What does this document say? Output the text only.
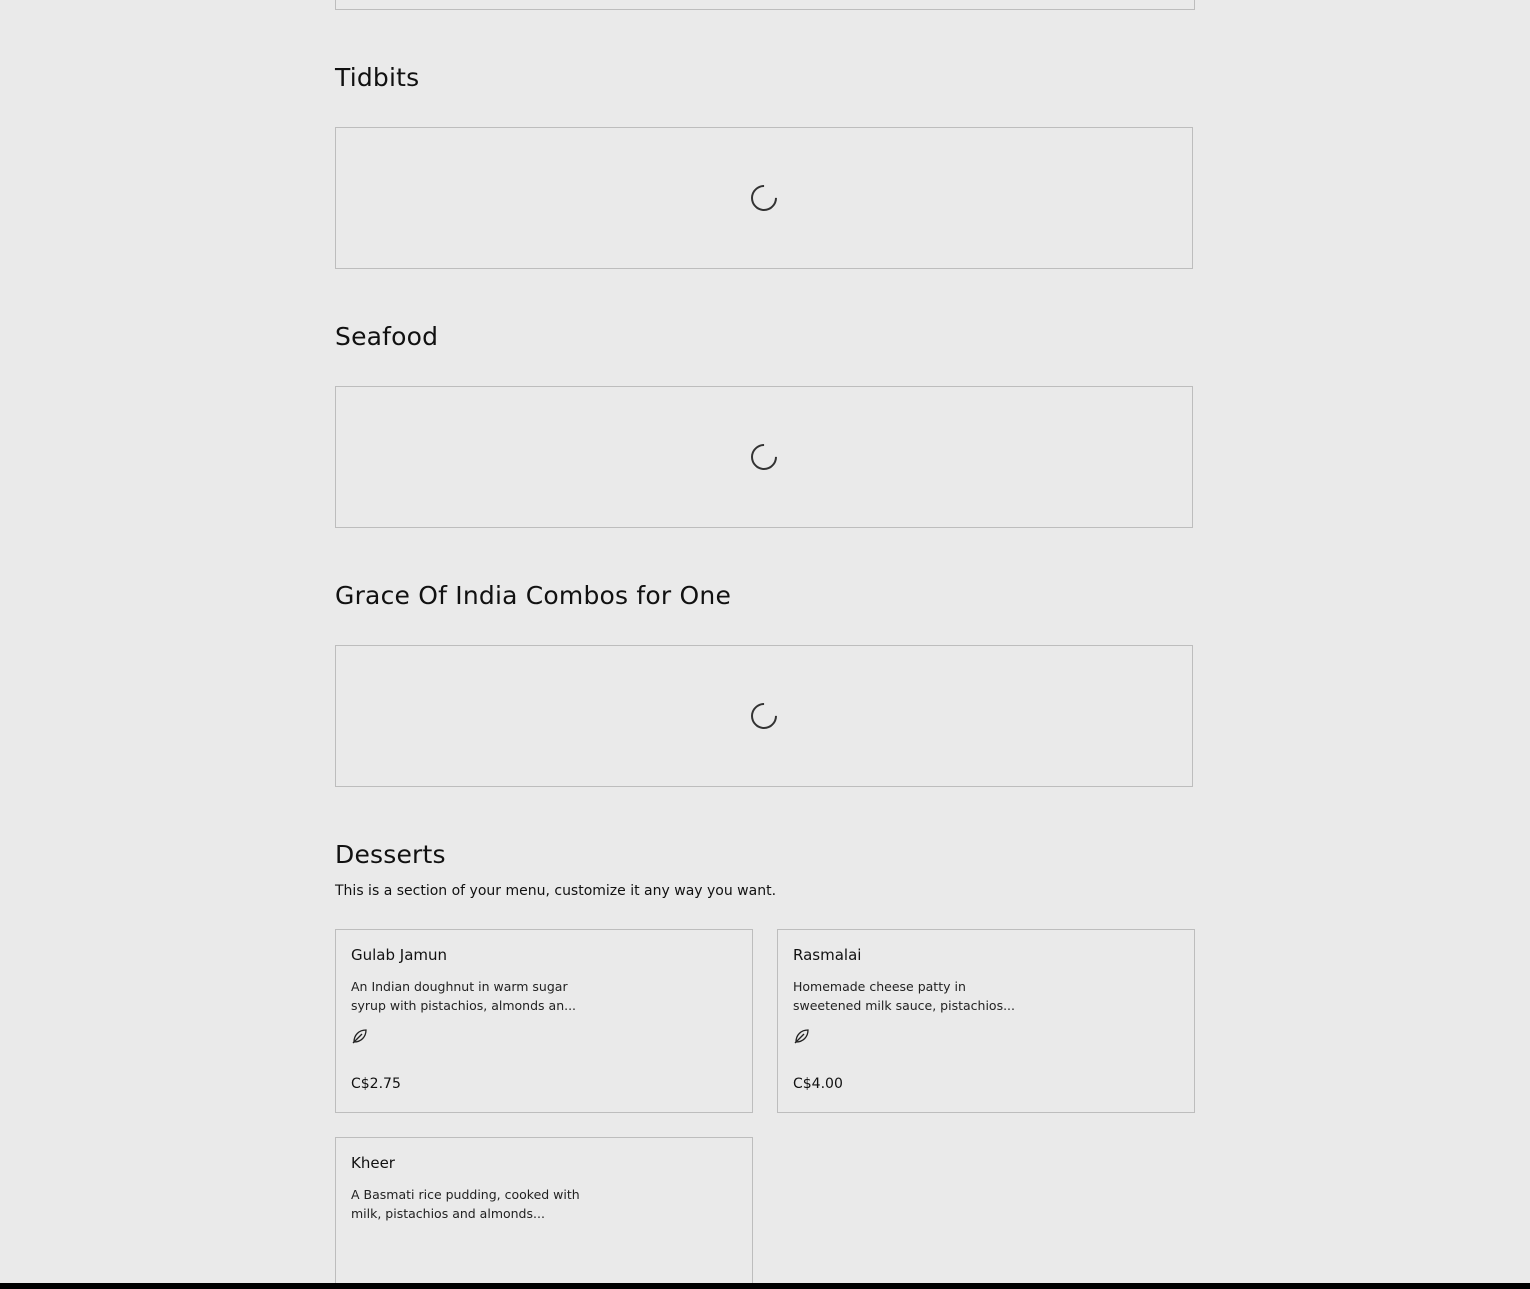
Tidbits
Seafood
Grace Of India Combos for One
Desserts

This is a section of your menu, customize it any way you want.

Gulab Jamun
An Indian doughnut in warm sugar syrup with pistachios, almonds an...
C$2.75
Rasmalai
Homemade cheese patty in sweetened milk sauce, pistachios...
C$4.00
Kheer
A Basmati rice pudding, cooked with milk, pistachios and almonds...
